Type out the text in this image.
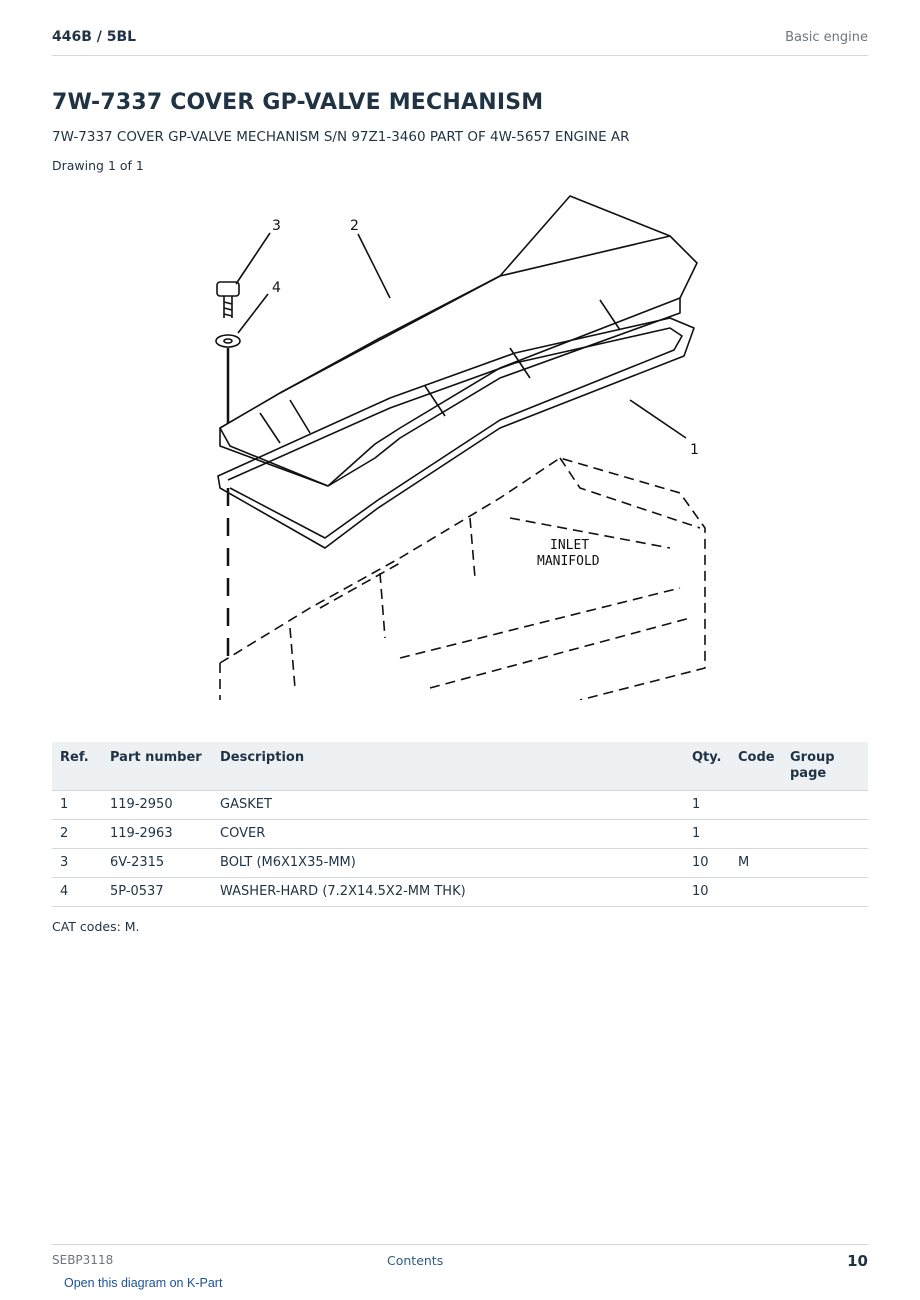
446B / 5BL	Basic engine
7W-7337 COVER GP-VALVE MECHANISM
7W-7337 COVER GP-VALVE MECHANISM S/N 97Z1-3460 PART OF 4W-5657 ENGINE AR
Drawing 1 of 1
1
2
3
4
INLET
MANIFOLD
Ref.	Part number	Description	Qty.	Code	Group page
1	119-2950	GASKET	1		
2	119-2963	COVER	1		
3	6V-2315	BOLT (M6X1X35-MM)	10	M	
4	5P-0537	WASHER-HARD (7.2X14.5X2-MM THK)	10		
CAT codes: M.
SEBP3118	Contents	10
Open this diagram on K-Part
